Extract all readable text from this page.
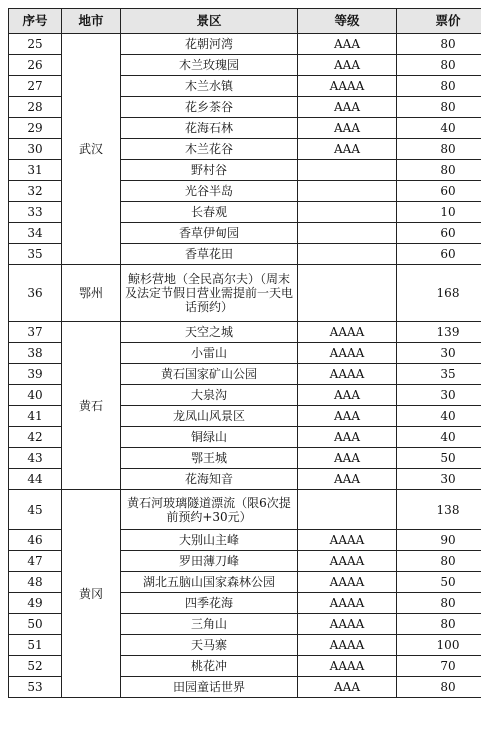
序号	地市	景区	等级	票价
25	武汉	花朝河湾	AAA	80
26		木兰玫瑰园	AAA	80
27		木兰水镇	AAAA	80
28		花乡茶谷	AAA	80
29		花海石林	AAA	40
30		木兰花谷	AAA	80
31		野村谷		80
32		光谷半岛		60
33		长春观		10
34		香草伊甸园		60
35		香草花田		60
36	鄂州	鲸杉营地（全民高尔夫）（周末及法定节假日营业需提前一天电话预约）		168
37	黄石	天空之城	AAAA	139
38		小雷山	AAAA	30
39		黄石国家矿山公园	AAAA	35
40		大泉沟	AAA	30
41		龙凤山风景区	AAA	40
42		铜绿山	AAA	40
43		鄂王城	AAA	50
44		花海知音	AAA	30
45	黄冈	黄石河玻璃隧道漂流（限6次提前预约+30元）		138
46		大别山主峰	AAAA	90
47		罗田薄刀峰	AAAA	80
48		湖北五脑山国家森林公园	AAAA	50
49		四季花海	AAAA	80
50		三角山	AAAA	80
51		天马寨	AAAA	100
52		桃花冲	AAAA	70
53		田园童话世界	AAA	80
